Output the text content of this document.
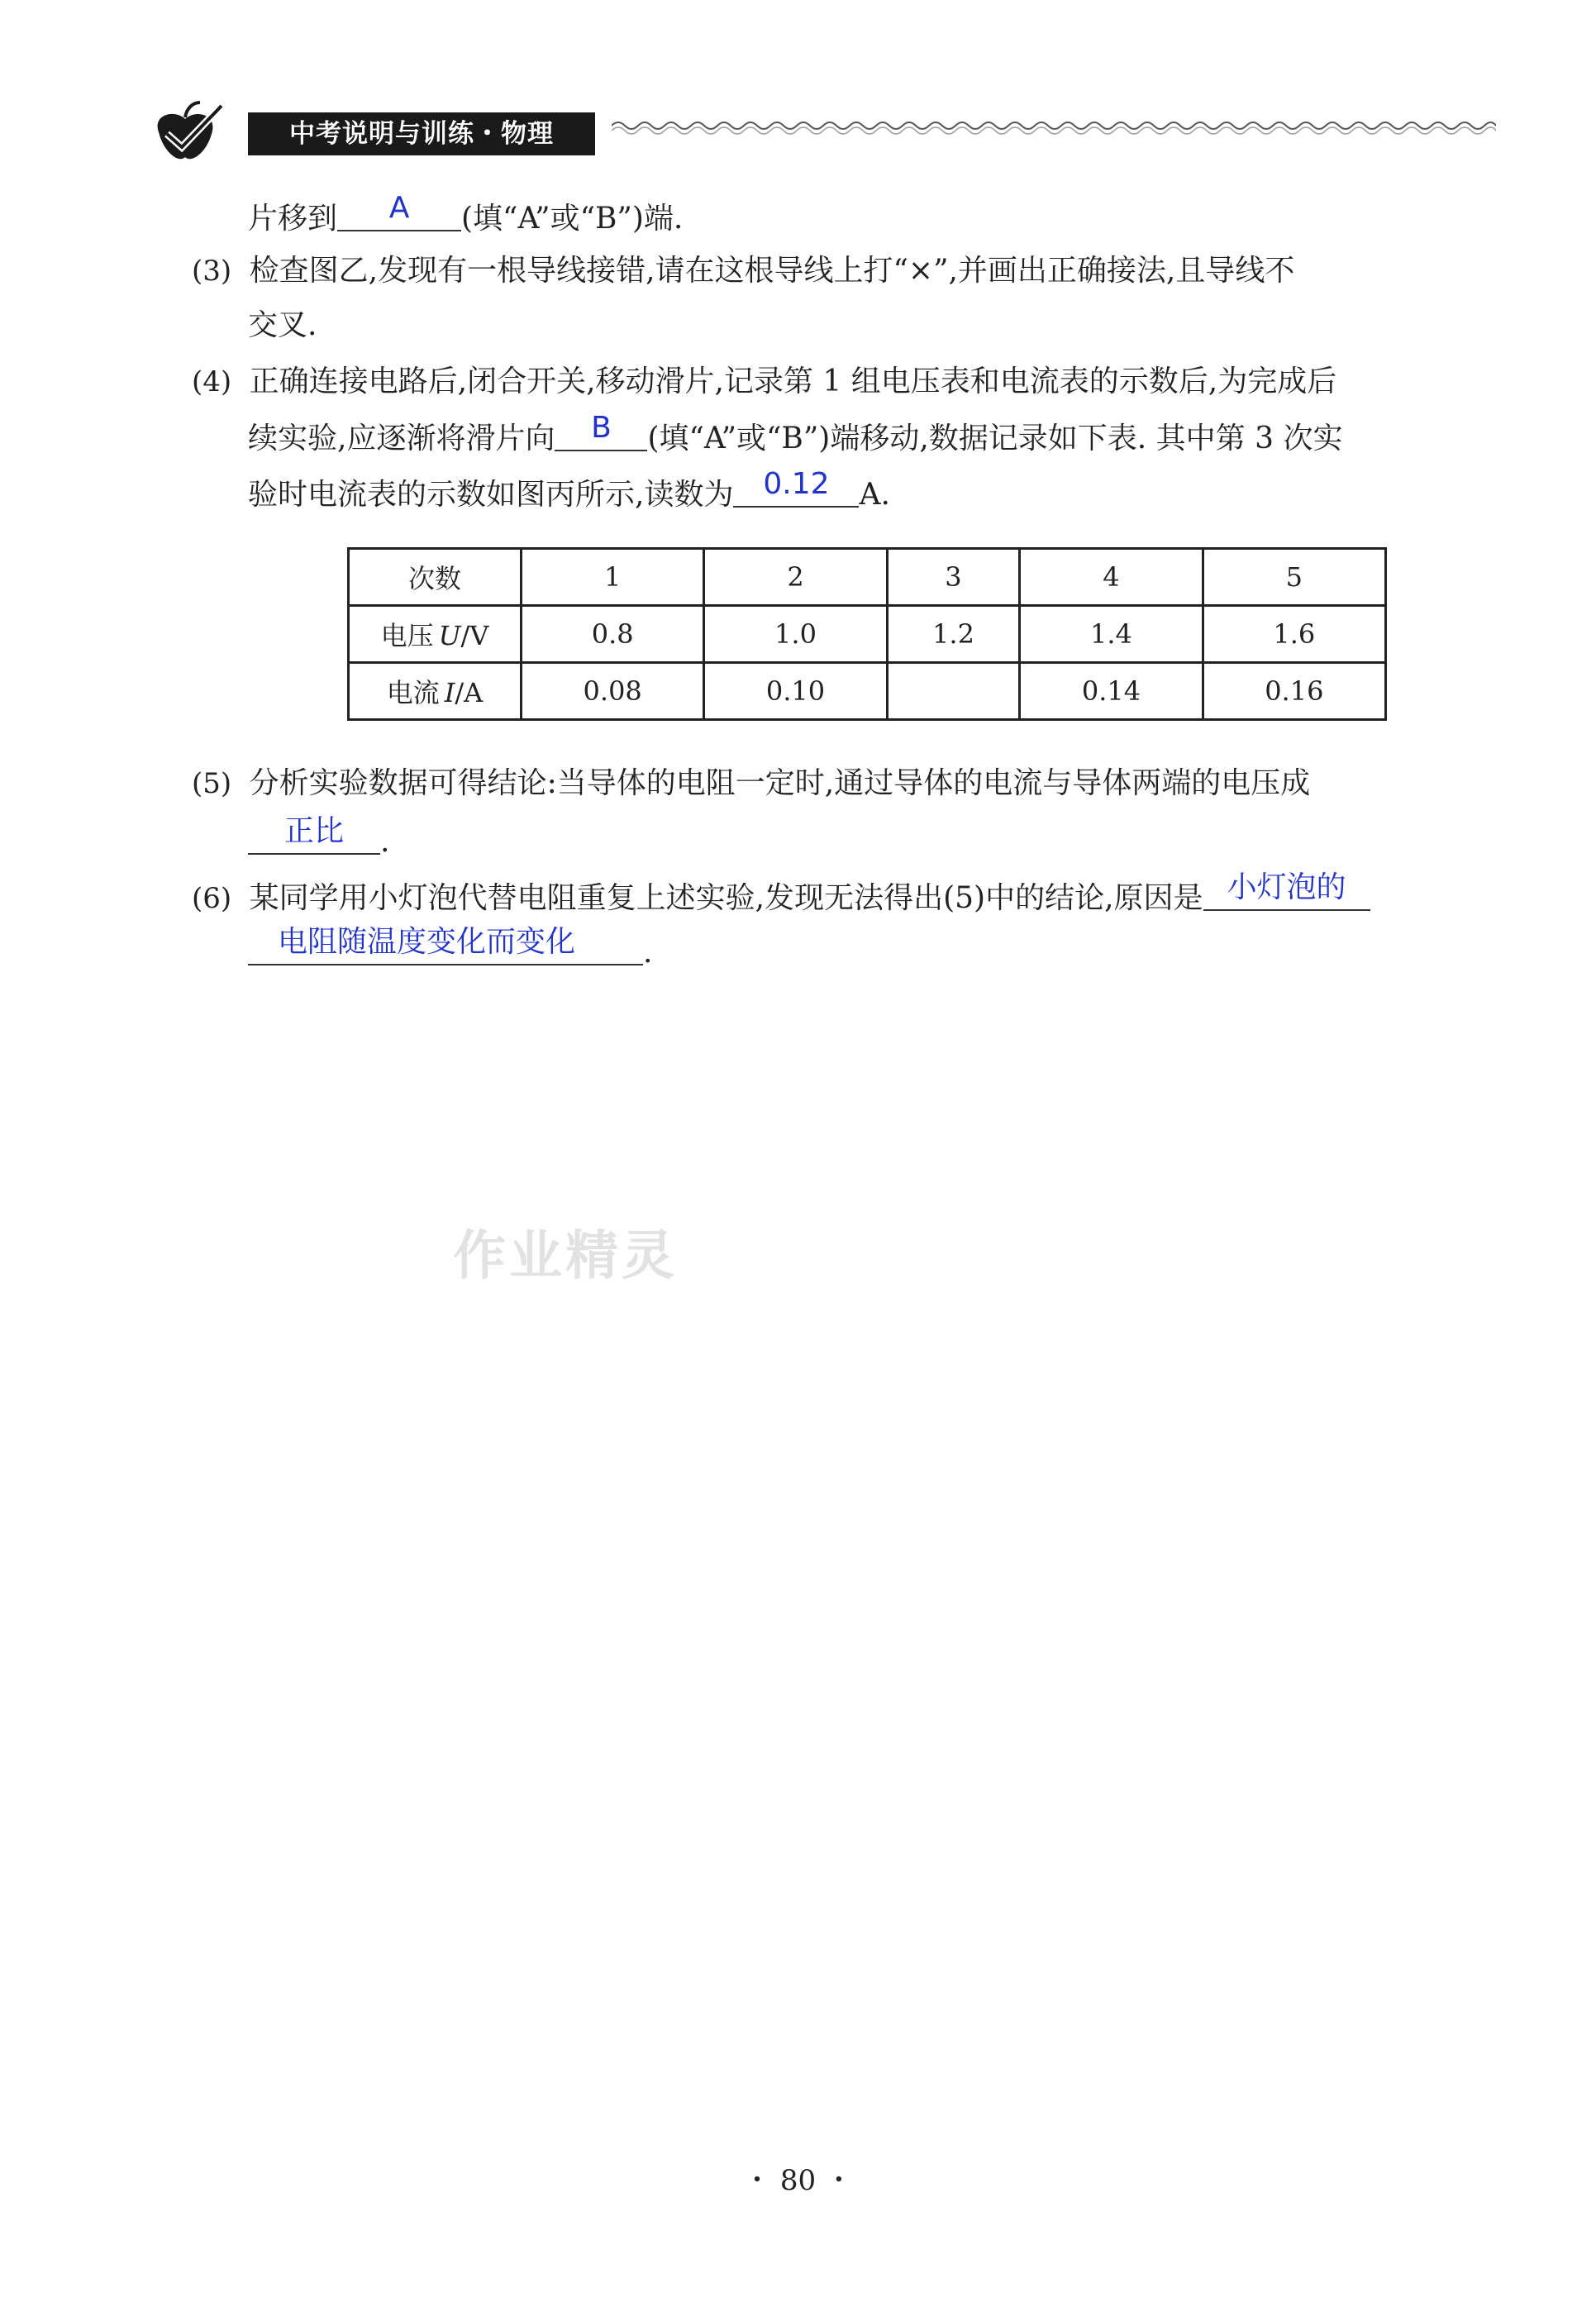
中考说明与训练・物理
片移到	A	(填“A”或“B”)端.
(3) 检查图乙,发现有一根导线接错,请在这根导线上打“×”,并画出正确接法,且导线不
交叉.
(4) 正确连接电路后,闭合开关,移动滑片,记录第 1 组电压表和电流表的示数后,为完成后
续实验,应逐渐将滑片向	B	(填“A”或“B”)端移动,数据记录如下表. 其中第 3 次实
验时电流表的示数如图丙所示,读数为 0.12 A.
次数	1	2	3	4	5
电压 U/V	0.8	1.0	1.2	1.4	1.6
电流 I/A	0.08	0.10		0.14	0.16
(5) 分析实验数据可得结论:当导体的电阻一定时,通过导体的电流与导体两端的电压成
正比	.
(6) 某同学用小灯泡代替电阻重复上述实验,发现无法得出(5)中的结论,原因是 小灯泡的
电阻随温度变化而变化	.
作业精灵
・ 80 ・
